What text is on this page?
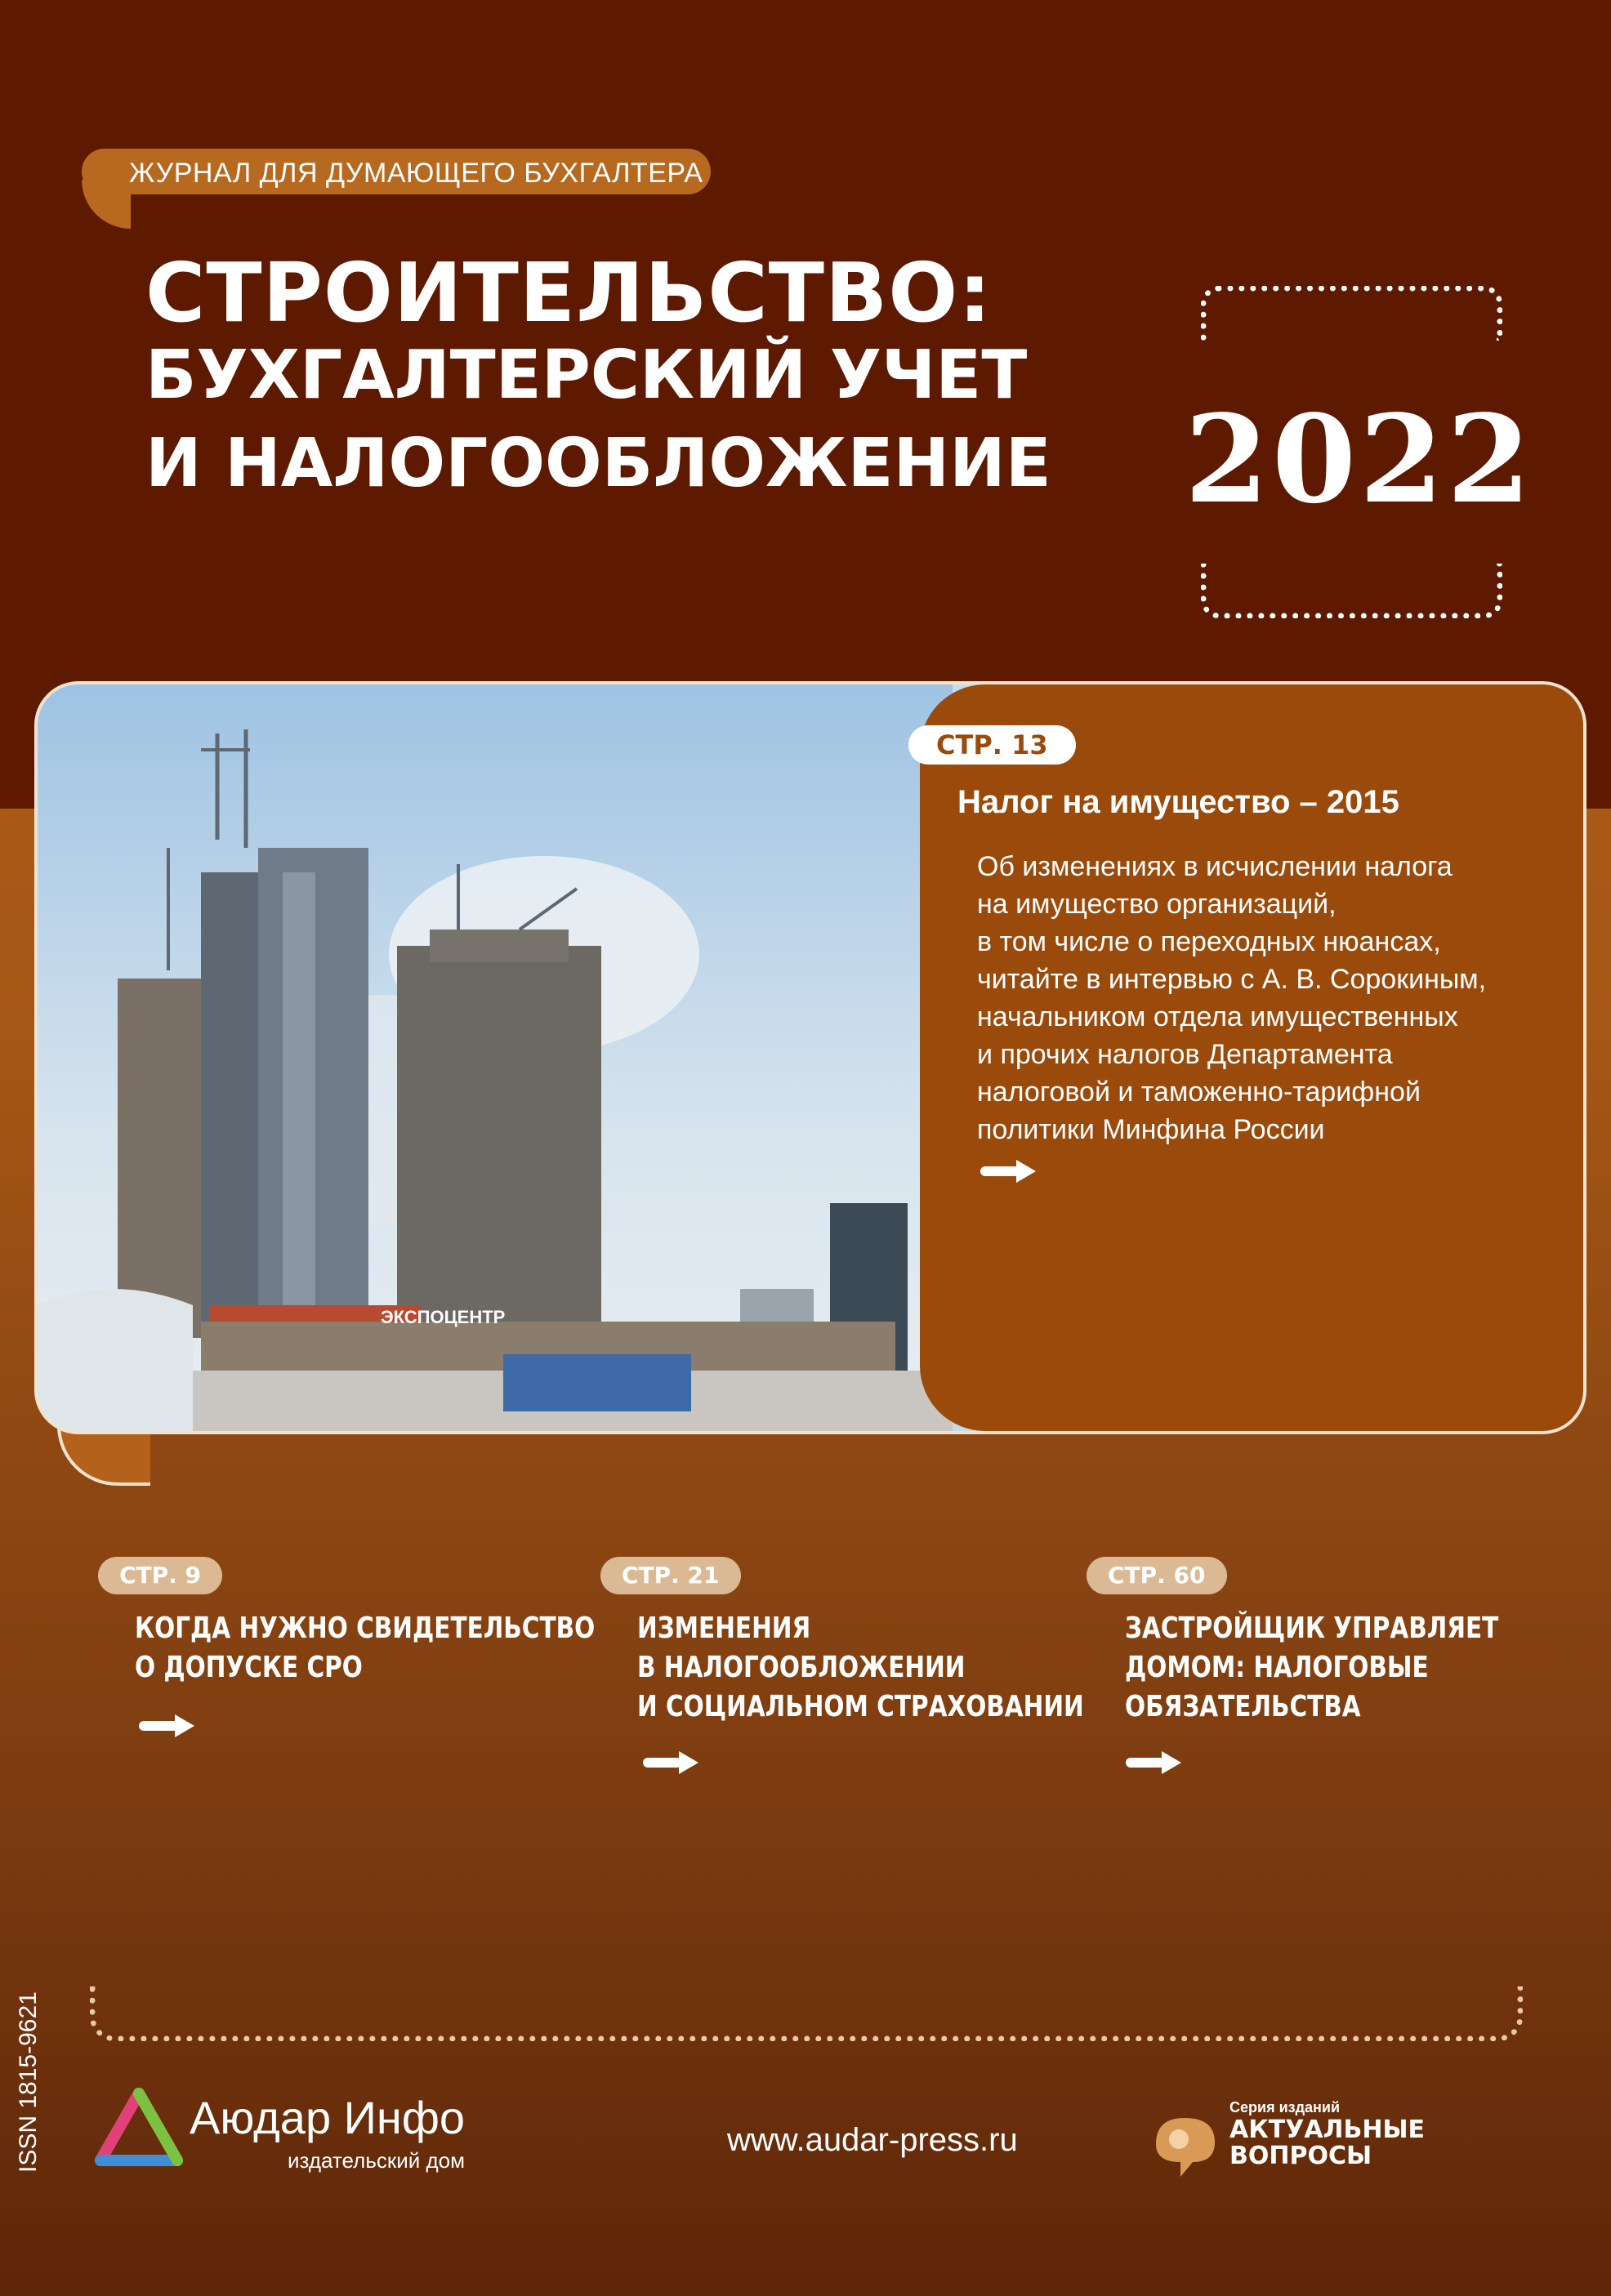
ЖУРНАЛ ДЛЯ ДУМАЮЩЕГО БУХГАЛТЕРА
СТРОИТЕЛЬСТВО:
БУХГАЛТЕРСКИЙ УЧЕТ
И НАЛОГООБЛОЖЕНИЕ 2022
ЭКСПОЦЕНТР
СТР. 13
Налог на имущество – 2015
Об изменениях в исчислении налога
на имущество организаций,
в том числе о переходных нюансах,
читайте в интервью с А. В. Сорокиным,
начальником отдела имущественных
и прочих налогов Департамента
налоговой и таможенно-тарифной
политики Минфина России
СТР. 9
КОГДА НУЖНО СВИДЕТЕЛЬСТВО
О ДОПУСКЕ СРО
СТР. 21
ИЗМЕНЕНИЯ
В НАЛОГООБЛОЖЕНИИ
И СОЦИАЛЬНОМ СТРАХОВАНИИ
СТР. 60
ЗАСТРОЙЩИК УПРАВЛЯЕТ
ДОМОМ: НАЛОГОВЫЕ
ОБЯЗАТЕЛЬСТВА
ISSN 1815-9621	Аюдар Инфо
издательский дом
www.audar-press.ru
Серия изданий
АКТУАЛЬНЫЕ
ВОПРОСЫ
